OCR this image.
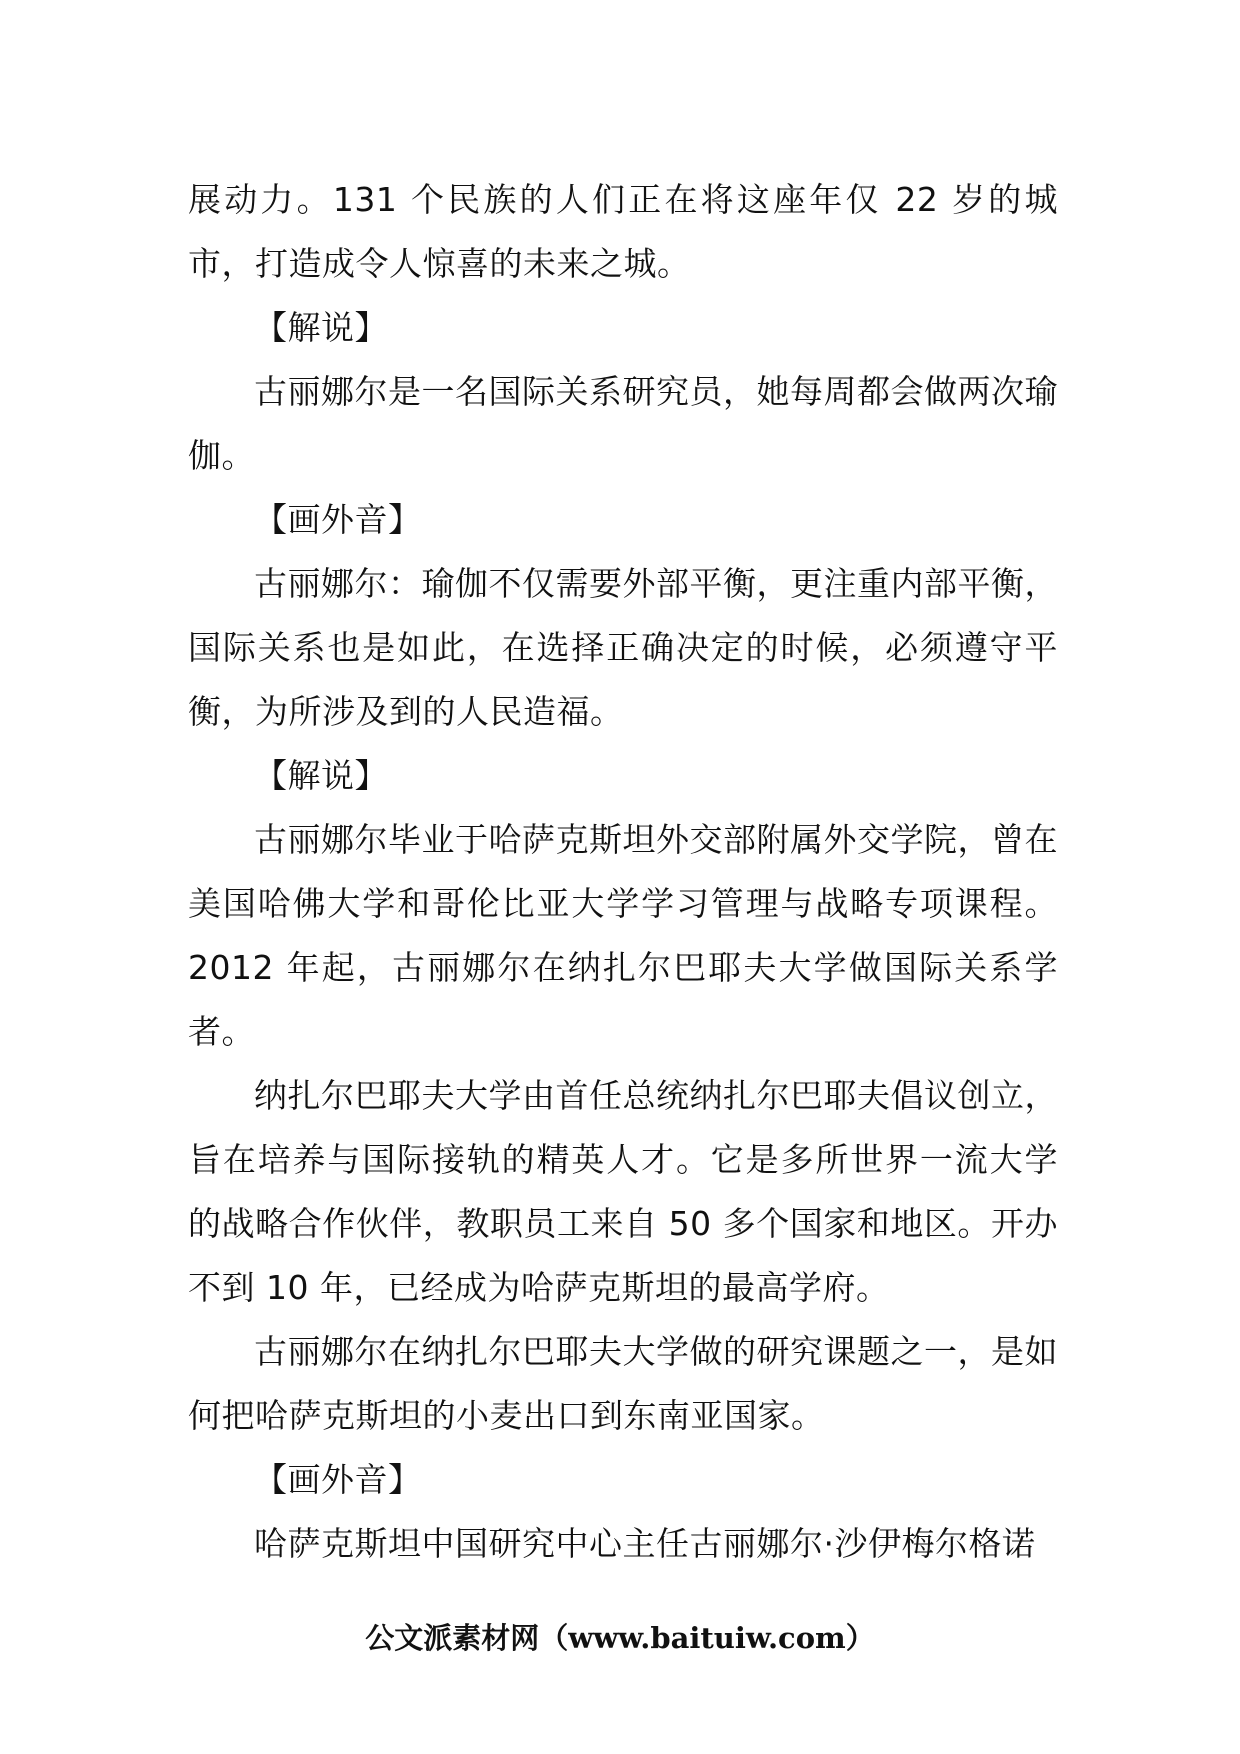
展动力。131 个民族的人们正在将这座年仅 22 岁的城市，打造成令人惊喜的未来之城。

【解说】

古丽娜尔是一名国际关系研究员，她每周都会做两次瑜伽。

【画外音】

古丽娜尔：瑜伽不仅需要外部平衡，更注重内部平衡，国际关系也是如此，在选择正确决定的时候，必须遵守平衡，为所涉及到的人民造福。

【解说】

古丽娜尔毕业于哈萨克斯坦外交部附属外交学院，曾在美国哈佛大学和哥伦比亚大学学习管理与战略专项课程。2012 年起，古丽娜尔在纳扎尔巴耶夫大学做国际关系学者。

纳扎尔巴耶夫大学由首任总统纳扎尔巴耶夫倡议创立，旨在培养与国际接轨的精英人才。它是多所世界一流大学的战略合作伙伴，教职员工来自 50 多个国家和地区。开办不到 10 年，已经成为哈萨克斯坦的最高学府。

古丽娜尔在纳扎尔巴耶夫大学做的研究课题之一，是如何把哈萨克斯坦的小麦出口到东南亚国家。

【画外音】

哈萨克斯坦中国研究中心主任古丽娜尔·沙伊梅尔格诺

公文派素材网（www.baituiw.com）
